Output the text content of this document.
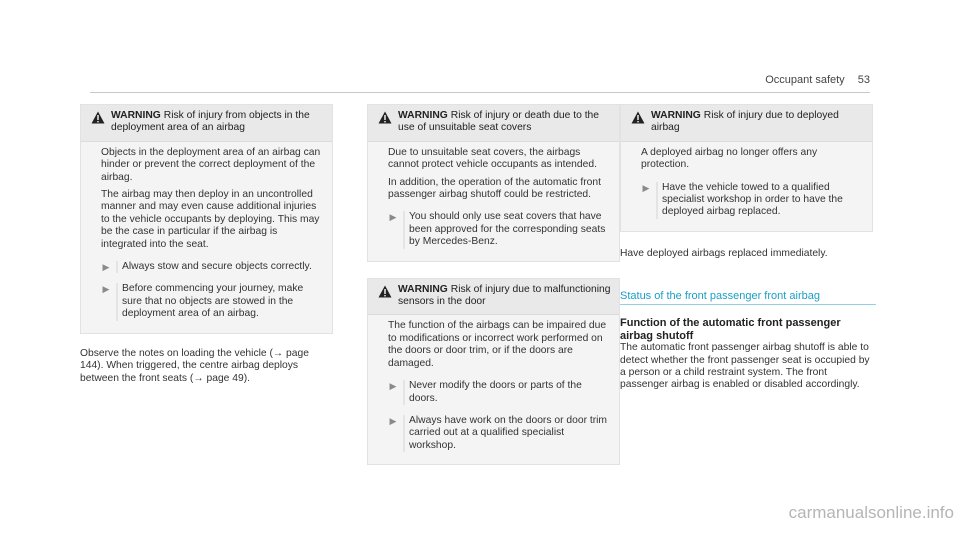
Occupant safety 53
WARNING Risk of injury from objects in the deployment area of an airbag

Objects in the deployment area of an airbag can hinder or prevent the correct deployment of the airbag.

The airbag may then deploy in an uncontrolled manner and may even cause additional injuries to the vehicle occupants by deploying. This may be the case in particular if the airbag is integrated into the seat.

▶	Always stow and secure objects correctly.
▶	Before commencing your journey, make sure that no objects are stowed in the deployment area of an airbag.

Observe the notes on loading the vehicle (→ page 144). When triggered, the centre airbag deploys between the front seats (→ page 49).

WARNING Risk of injury or death due to the use of unsuitable seat covers

Due to unsuitable seat covers, the airbags cannot protect vehicle occupants as intended.

In addition, the operation of the automatic front passenger airbag shutoff could be restricted.

▶	You should only use seat covers that have been approved for the corresponding seats by Mercedes-Benz.
WARNING Risk of injury due to malfunctioning sensors in the door

The function of the airbags can be impaired due to modifications or incorrect work performed on the doors or door trim, or if the doors are damaged.

▶	Never modify the doors or parts of the doors.
▶	Always have work on the doors or door trim carried out at a qualified specialist workshop.
WARNING Risk of injury due to deployed airbag

A deployed airbag no longer offers any protection.

▶	Have the vehicle towed to a qualified specialist workshop in order to have the deployed airbag replaced.

Have deployed airbags replaced immediately.

Status of the front passenger front airbag
Function of the automatic front passenger airbag shutoff

The automatic front passenger airbag shutoff is able to detect whether the front passenger seat is occupied by a person or a child restraint system. The front passenger airbag is enabled or disabled accordingly.

carmanualsonline.info
